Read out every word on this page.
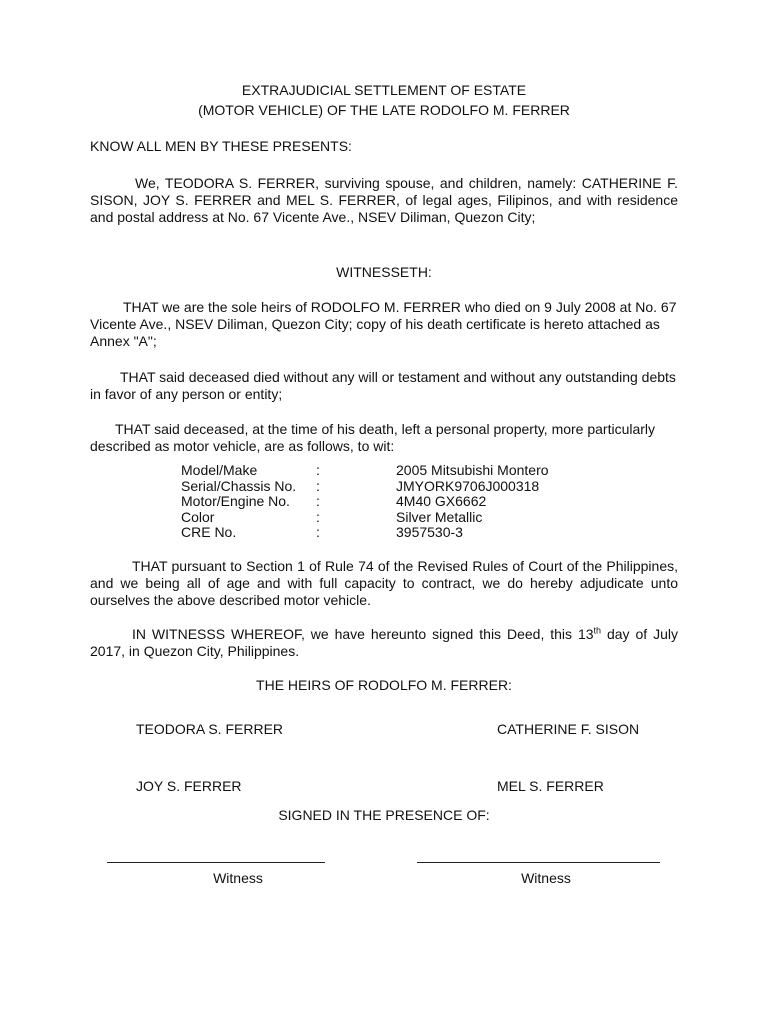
EXTRAJUDICIAL SETTLEMENT OF ESTATE
(MOTOR VEHICLE) OF THE LATE RODOLFO M. FERRER
KNOW ALL MEN BY THESE PRESENTS:
We, TEODORA S. FERRER, surviving spouse, and children, namely: CATHERINE F. SISON, JOY S. FERRER and MEL S. FERRER, of legal ages, Filipinos, and with residence and postal address at No. 67 Vicente Ave., NSEV Diliman, Quezon City;
WITNESSETH:
THAT we are the sole heirs of RODOLFO M. FERRER who died on 9 July 2008 at No. 67 Vicente Ave., NSEV Diliman, Quezon City; copy of his death certificate is hereto attached as Annex "A";
THAT said deceased died without any will or testament and without any outstanding debts in favor of any person or entity;
THAT said deceased, at the time of his death, left a personal property, more particularly described as motor vehicle, are as follows, to wit:
Model/Make	:	2005 Mitsubishi Montero
Serial/Chassis No.	:	JMYORK9706J000318
Motor/Engine No.	:	4M40 GX6662
Color	:	Silver Metallic
CRE No.	:	3957530-3
THAT pursuant to Section 1 of Rule 74 of the Revised Rules of Court of the Philippines, and we being all of age and with full capacity to contract, we do hereby adjudicate unto ourselves the above described motor vehicle.
IN WITNESSS WHEREOF, we have hereunto signed this Deed, this 13th day of July 2017, in Quezon City, Philippines.
THE HEIRS OF RODOLFO M. FERRER:
TEODORA S. FERRER	CATHERINE F. SISON
JOY S. FERRER	MEL S. FERRER
SIGNED IN THE PRESENCE OF:
Witness	Witness
